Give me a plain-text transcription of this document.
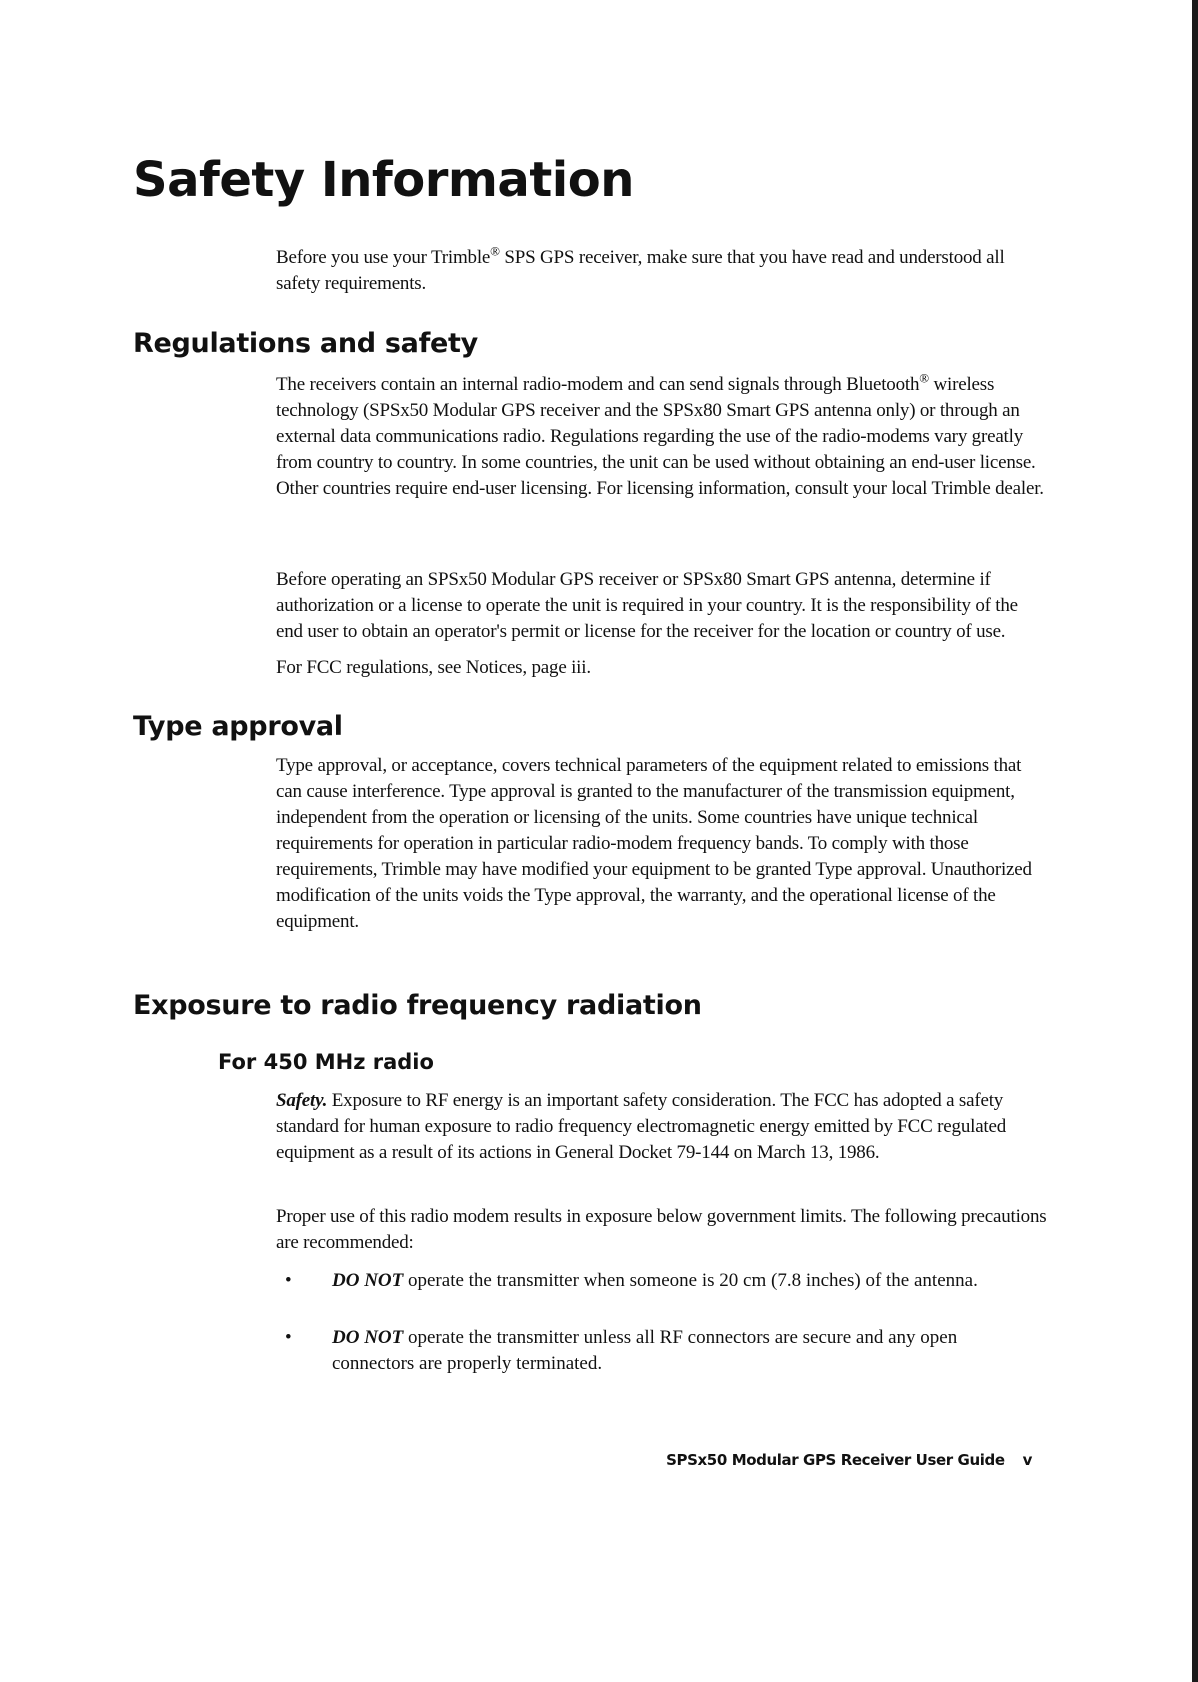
Safety Information

Before you use your Trimble® SPS GPS receiver, make sure that you have read and understood all safety requirements.

Regulations and safety

The receivers contain an internal radio-modem and can send signals through Bluetooth® wireless technology (SPSx50 Modular GPS receiver and the SPSx80 Smart GPS antenna only) or through an external data communications radio. Regulations regarding the use of the radio-modems vary greatly from country to country. In some countries, the unit can be used without obtaining an end-user license. Other countries require end-user licensing. For licensing information, consult your local Trimble dealer.

Before operating an SPSx50 Modular GPS receiver or SPSx80 Smart GPS antenna, determine if authorization or a license to operate the unit is required in your country. It is the responsibility of the end user to obtain an operator's permit or license for the receiver for the location or country of use.

For FCC regulations, see Notices, page iii.

Type approval

Type approval, or acceptance, covers technical parameters of the equipment related to emissions that can cause interference. Type approval is granted to the manufacturer of the transmission equipment, independent from the operation or licensing of the units. Some countries have unique technical requirements for operation in particular radio-modem frequency bands. To comply with those requirements, Trimble may have modified your equipment to be granted Type approval. Unauthorized modification of the units voids the Type approval, the warranty, and the operational license of the equipment.

Exposure to radio frequency radiation
For 450 MHz radio

Safety. Exposure to RF energy is an important safety consideration. The FCC has adopted a safety standard for human exposure to radio frequency electromagnetic energy emitted by FCC regulated equipment as a result of its actions in General Docket 79-144 on March 13, 1986.

Proper use of this radio modem results in exposure below government limits. The following precautions are recommended:

• DO NOT operate the transmitter when someone is 20 cm (7.8 inches) of the antenna.
• DO NOT operate the transmitter unless all RF connectors are secure and any open connectors are properly terminated.
SPSx50 Modular GPS Receiver User Guide v
